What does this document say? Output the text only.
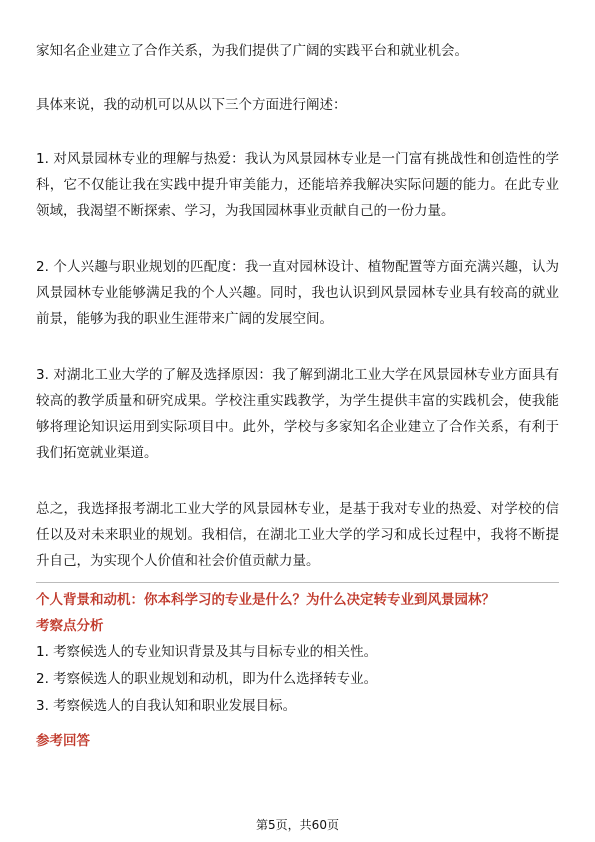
家知名企业建立了合作关系，为我们提供了广阔的实践平台和就业机会。

具体来说，我的动机可以从以下三个方面进行阐述：

1. 对风景园林专业的理解与热爱：我认为风景园林专业是一门富有挑战性和创造性的学科，它不仅能让我在实践中提升审美能力，还能培养我解决实际问题的能力。在此专业领域，我渴望不断探索、学习，为我国园林事业贡献自己的一份力量。

2. 个人兴趣与职业规划的匹配度：我一直对园林设计、植物配置等方面充满兴趣，认为风景园林专业能够满足我的个人兴趣。同时，我也认识到风景园林专业具有较高的就业前景，能够为我的职业生涯带来广阔的发展空间。

3. 对湖北工业大学的了解及选择原因：我了解到湖北工业大学在风景园林专业方面具有较高的教学质量和研究成果。学校注重实践教学，为学生提供丰富的实践机会，使我能够将理论知识运用到实际项目中。此外，学校与多家知名企业建立了合作关系，有利于我们拓宽就业渠道。

总之，我选择报考湖北工业大学的风景园林专业，是基于我对专业的热爱、对学校的信任以及对未来职业的规划。我相信，在湖北工业大学的学习和成长过程中，我将不断提升自己，为实现个人价值和社会价值贡献力量。

个人背景和动机：你本科学习的专业是什么？为什么决定转专业到风景园林？
考察点分析

1. 考察候选人的专业知识背景及其与目标专业的相关性。

2. 考察候选人的职业规划和动机，即为什么选择转专业。

3. 考察候选人的自我认知和职业发展目标。

参考回答
第5页，共60页
